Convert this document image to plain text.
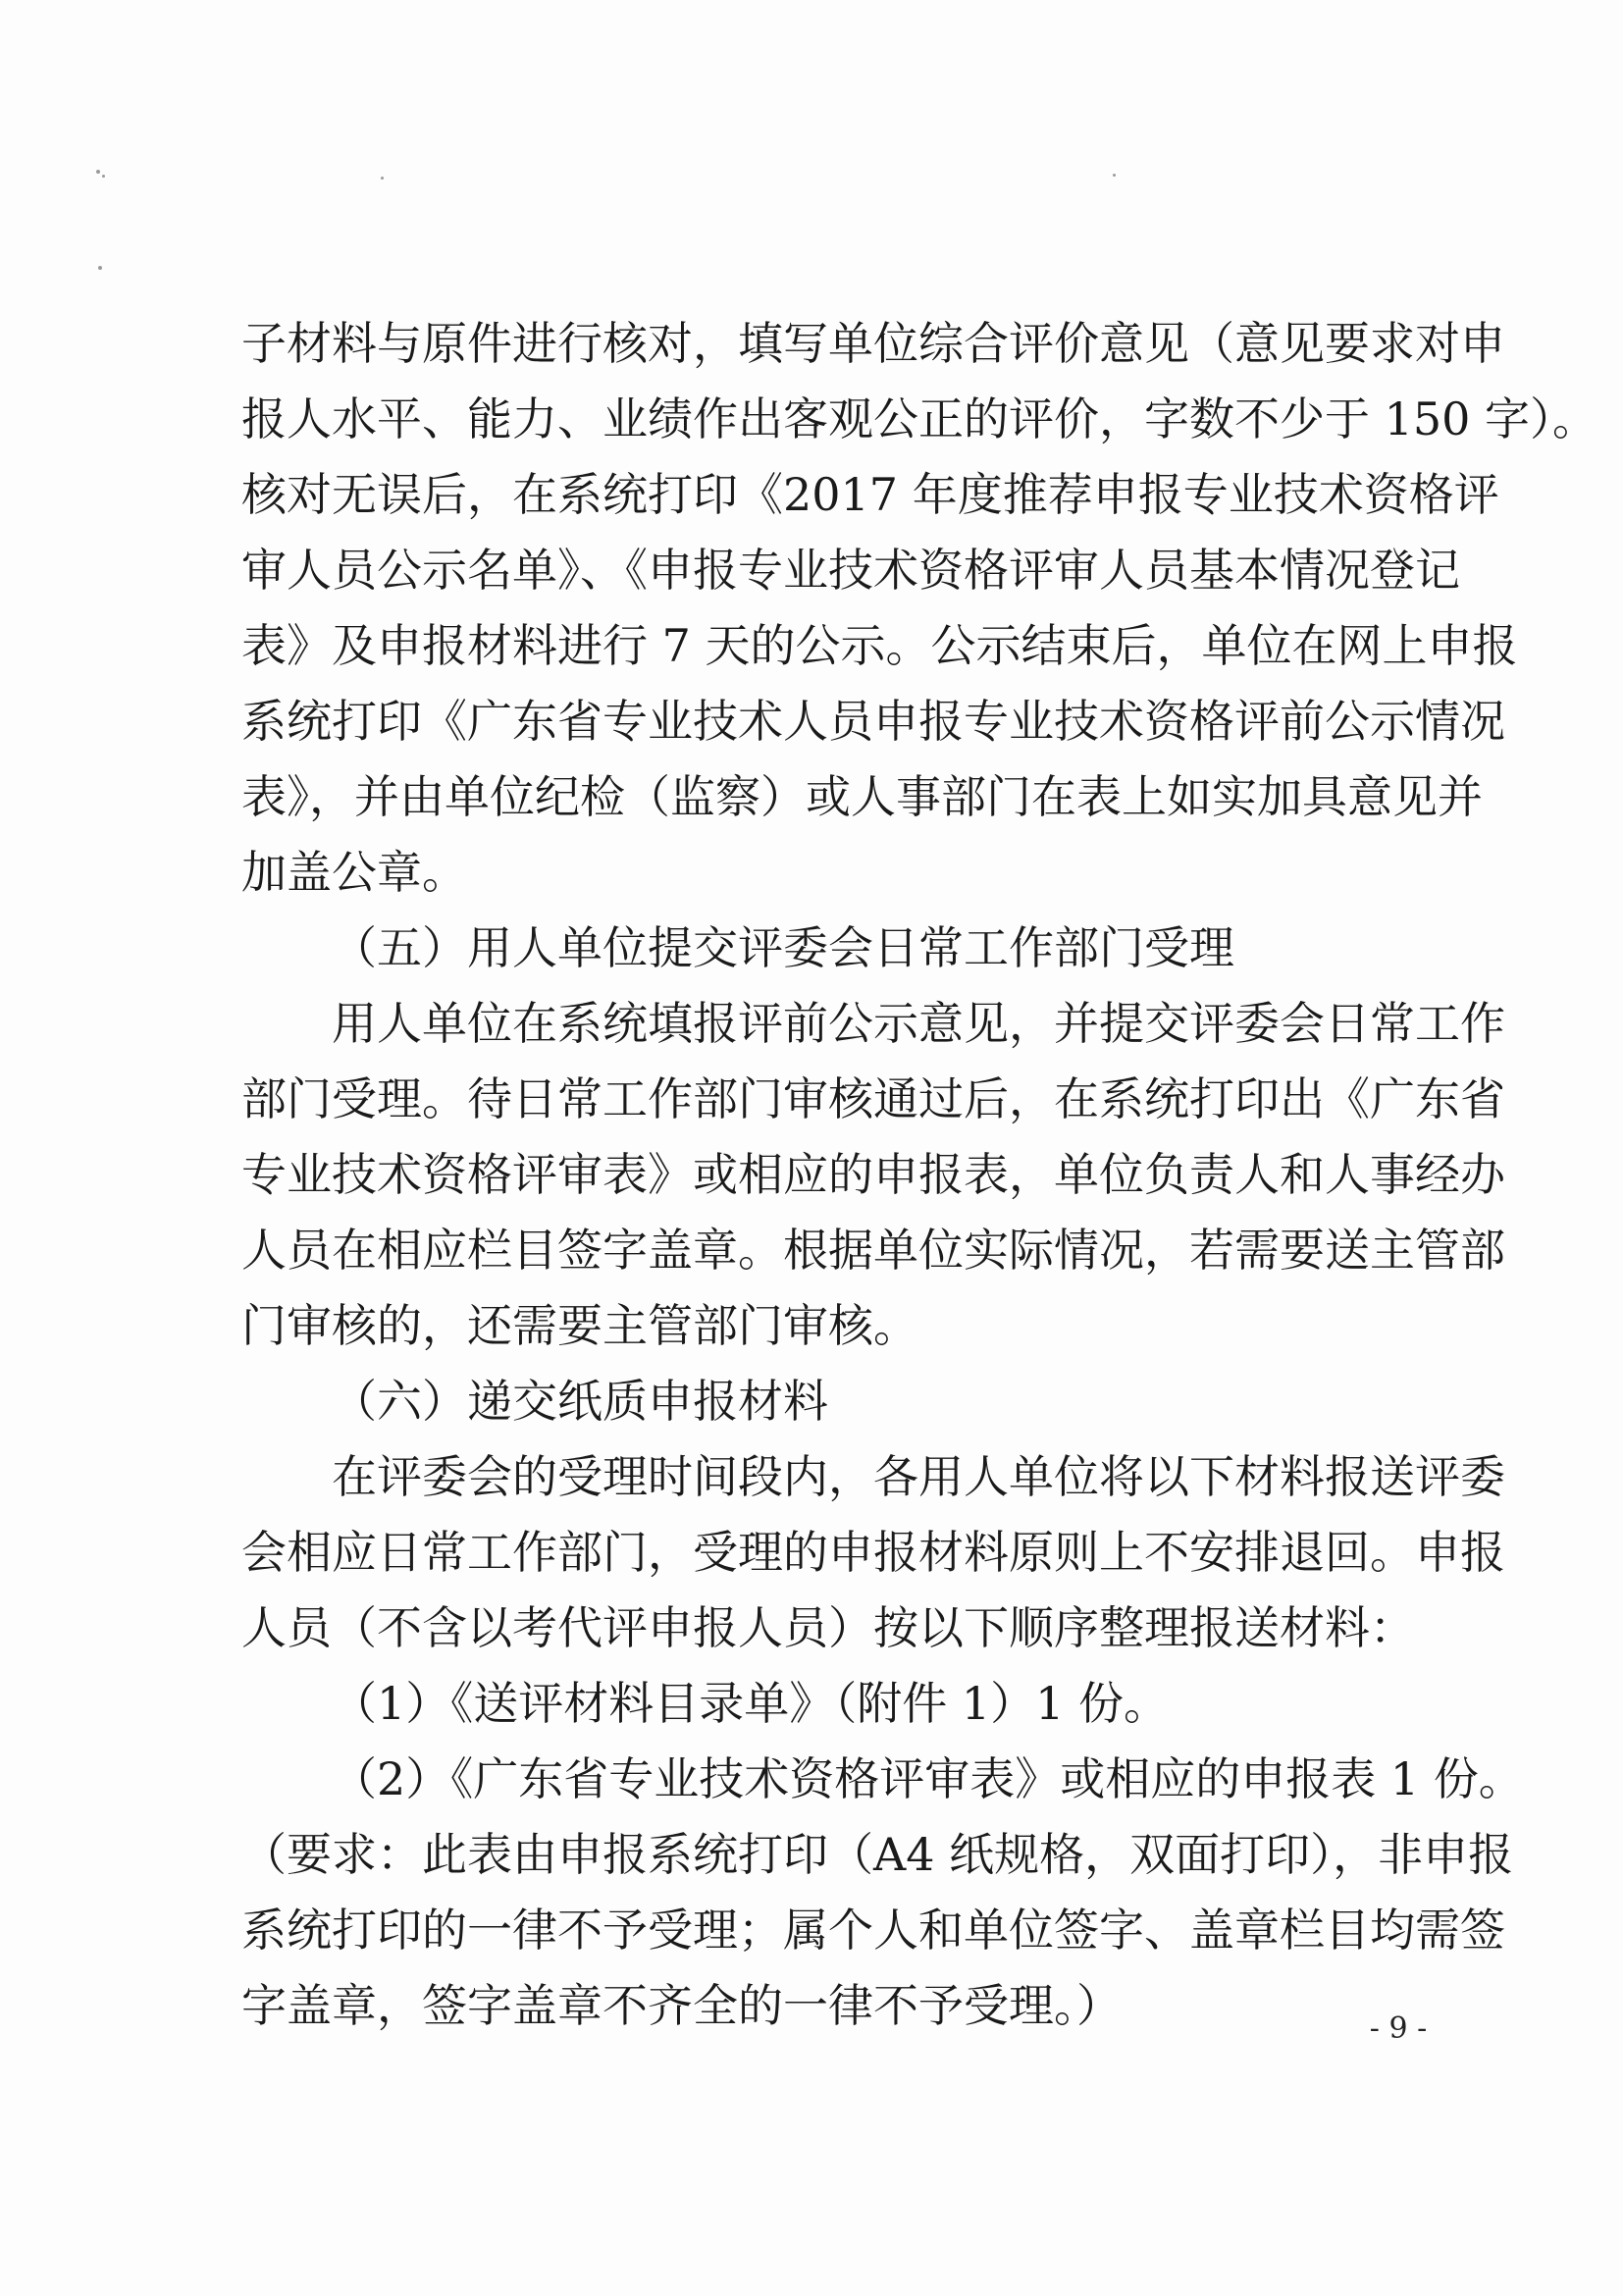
子材料与原件进行核对，填写单位综合评价意见（意见要求对申
报人水平、能力、业绩作出客观公正的评价，字数不少于 150 字）。
核对无误后，在系统打印《2017 年度推荐申报专业技术资格评
审人员公示名单》、《申报专业技术资格评审人员基本情况登记
表》及申报材料进行 7 天的公示。公示结束后，单位在网上申报
系统打印《广东省专业技术人员申报专业技术资格评前公示情况
表》，并由单位纪检（监察）或人事部门在表上如实加具意见并
加盖公章。
（五）用人单位提交评委会日常工作部门受理
用人单位在系统填报评前公示意见，并提交评委会日常工作
部门受理。待日常工作部门审核通过后，在系统打印出《广东省
专业技术资格评审表》或相应的申报表，单位负责人和人事经办
人员在相应栏目签字盖章。根据单位实际情况，若需要送主管部
门审核的，还需要主管部门审核。
（六）递交纸质申报材料
在评委会的受理时间段内，各用人单位将以下材料报送评委
会相应日常工作部门，受理的申报材料原则上不安排退回。申报
人员（不含以考代评申报人员）按以下顺序整理报送材料：
（1）《送评材料目录单》（附件 1）1 份。
（2）《广东省专业技术资格评审表》或相应的申报表 1 份。
（要求：此表由申报系统打印（A4 纸规格，双面打印），非申报
系统打印的一律不予受理；属个人和单位签字、盖章栏目均需签
字盖章，签字盖章不齐全的一律不予受理。）	- 9 -
